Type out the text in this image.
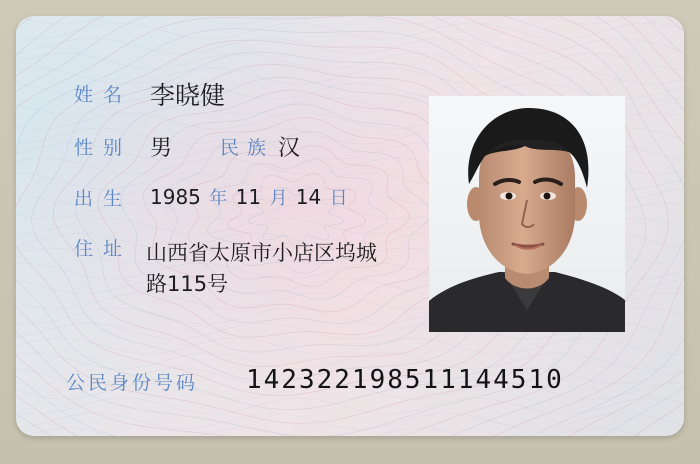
姓名 李晓健
性别 男	民族 汉
出生 1985 年 11 月 14 日
住址 山西省太原市小店区坞城
路115号
公民身份号码 142322198511144510
